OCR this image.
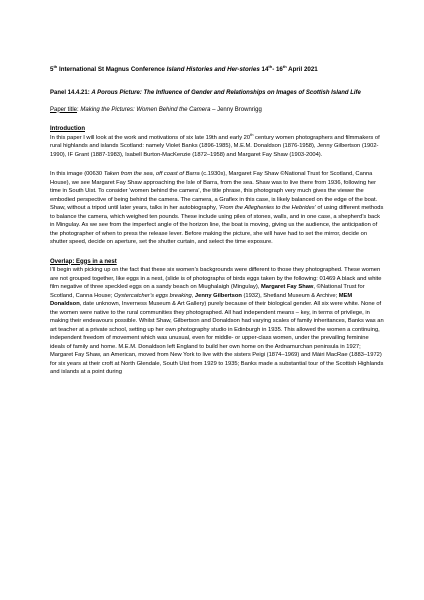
5th International St Magnus Conference Island Histories and Her-stories 14th- 16th April 2021
Panel 14.4.21: A Porous Picture: The Influence of Gender and Relationships on Images of Scottish Island Life
Paper title: Making the Pictures: Women Behind the Camera – Jenny Brownrigg
Introduction

In this paper I will look at the work and motivations of six late 19th and early 20th century women photographers and filmmakers of rural highlands and islands Scotland: namely Violet Banks (1896-1985), M.E.M. Donaldson (1876-1958), Jenny Gilbertson (1902-1990), IF Grant (1887-1983), Isabell Burton-MacKenzie (1872–1958) and Margaret Fay Shaw (1903-2004).

In this image (00630 Taken from the sea, off coast of Barra (c.1930s), Margaret Fay Shaw ©National Trust for Scotland, Canna House), we see Margaret Fay Shaw approaching the Isle of Barra, from the sea. Shaw was to live there from 1936, following her time in South Uist. To consider ‘women behind the camera’, the title phrase, this photograph very much gives the viewer the embodied perspective of being behind the camera. The camera, a Graflex in this case, is likely balanced on the edge of the boat. Shaw, without a tripod until later years, talks in her autobiography, ‘From the Alleghenies to the Hebrides’ of using different methods to balance the camera, which weighed ten pounds. These include using piles of stones, walls, and in one case, a shepherd’s back in Mingulay. As we see from the imperfect angle of the horizon line, the boat is moving, giving us the audience, the anticipation of the photographer of when to press the release lever. Before making the picture, she will have had to set the mirror, decide on shutter speed, decide on aperture, set the shutter curtain, and select the time exposure.

Overlap: Eggs in a nest

I’ll begin with picking up on the fact that these six women’s backgrounds were different to those they photographed. These women are not grouped together, like eggs in a nest, (slide is of photographs of birds eggs taken by the following: 01469 A black and white film negative of three speckled eggs on a sandy beach on Miughalaigh (Mingulay), Margaret Fay Shaw, ©National Trust for Scotland, Canna House; Oystercatcher’s eggs breaking, Jenny Gilbertson (1932), Shetland Museum & Archive; MEM Donaldson, date unknown, Inverness Museum & Art Gallery) purely because of their biological gender. All six were white. None of the women were native to the rural communities they photographed. All had independent means – key, in terms of privilege, in making their endeavours possible. Whilst Shaw, Gilbertson and Donaldson had varying scales of family inheritances, Banks was an art teacher at a private school, setting up her own photography studio in Edinburgh in 1935. This allowed the women a continuing, independent freedom of movement which was unusual, even for middle- or upper-class women, under the prevailing feminine ideals of family and home. M.E.M. Donaldson left England to build her own home on the Ardnamurchan peninsula in 1927; Margaret Fay Shaw, an American, moved from New York to live with the sisters Peigi (1874–1969) and Màiri MacRae (1883–1972) for six years at their croft at North Glendale, South Uist from 1929 to 1935; Banks made a substantial tour of the Scottish Highlands and islands at a point during
